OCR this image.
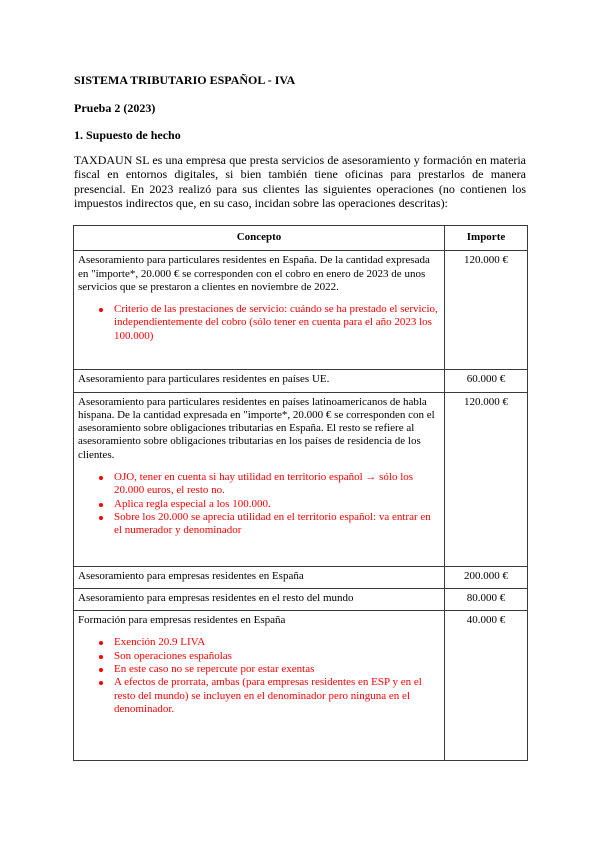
SISTEMA TRIBUTARIO ESPAÑOL - IVA
Prueba 2 (2023)
1. Supuesto de hecho
TAXDAUN SL es una empresa que presta servicios de asesoramiento y formación en materia fiscal en entornos digitales, si bien también tiene oficinas para prestarlos de manera presencial. En 2023 realizó para sus clientes las siguientes operaciones (no contienen los impuestos indirectos que, en su caso, incidan sobre las operaciones descritas):
Concepto	Importe

Asesoramiento para particulares residentes en España. De la cantidad expresada en "importe*, 20.000 € se corresponden con el cobro en enero de 2023 de unos servicios que se prestaron a clientes en noviembre de 2022.
Criterio de las prestaciones de servicio: cuándo se ha prestado el servicio, independientemente del cobro (sólo tener en cuenta para el año 2023 los 100.000)
	120.000 €

Asesoramiento para particulares residentes en países UE.	60.000 €

Asesoramiento para particulares residentes en países latinoamericanos de habla hispana. De la cantidad expresada en "importe*, 20.000 € se corresponden con el asesoramiento sobre obligaciones tributarias en España. El resto se refiere al asesoramiento sobre obligaciones tributarias en los países de residencia de los clientes.
OJO, tener en cuenta si hay utilidad en territorio español → sólo los 20.000 euros, el resto no.
Aplica regla especial a los 100.000.
Sobre los 20.000 se aprecia utilidad en el territorio español: va entrar en el numerador y denominador
	120.000 €

Asesoramiento para empresas residentes en España	200.000 €

Asesoramiento para empresas residentes en el resto del mundo	80.000 €

Formación para empresas residentes en España
Exención 20.9 LIVA
Son operaciones españolas
En este caso no se repercute por estar exentas
A efectos de prorrata, ambas (para empresas residentes en ESP y en el resto del mundo) se incluyen en el denominador pero ninguna en el denominador.
	40.000 €
